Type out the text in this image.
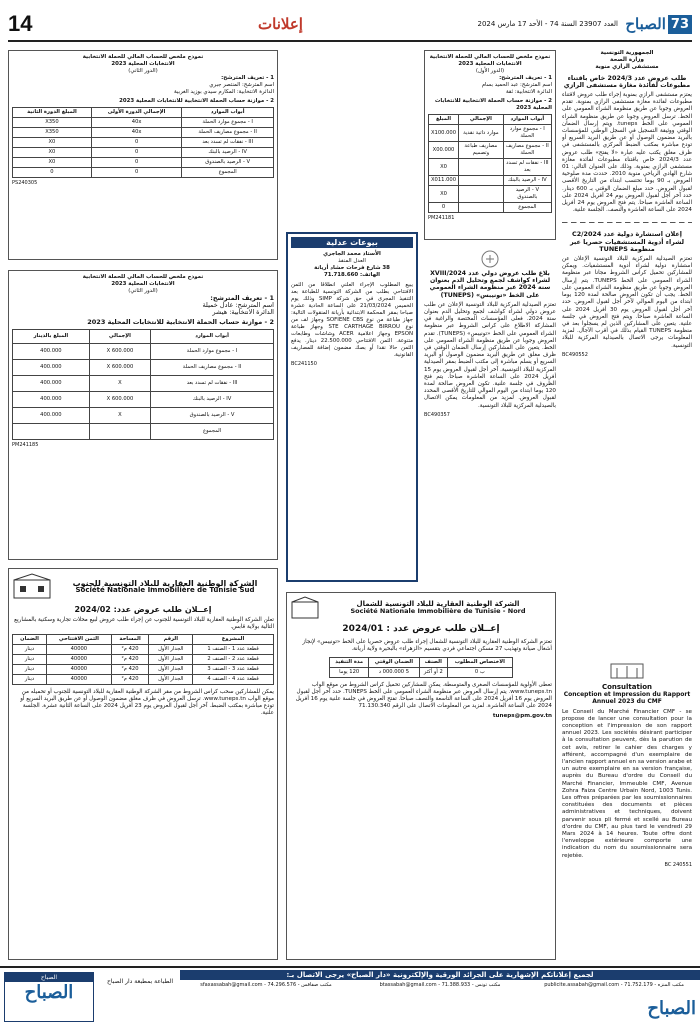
14	إعلانات	العدد 23907 السنة 74 - الأحد 17 مارس 2024 الصباح 73
الجمهورية التونسية
وزارة الصحة
مستشفى الرازي منوبة
طلب عروض عدد 2024/3 خاص باقتناء مطبوعات لفائدة مغازة مستشفى الرازي
يعتزم مستشفى الرازي بمنوبة إجراء طلب عروض لاقتناء مطبوعات لفائدة مغازة مستشفى الرازي بمنوبة. تقدم العروض وجوبا عن طريق منظومة الشراء العمومي على الخط. ترسل العروض وجوبا عن طريق منظومة الشراء العمومي على الخط tuneps. ويتم إرسال الضمان الوقتي ووثيقة التسجيل في السجل الوطني للمؤسسات بالبريد مضمون الوصول أو عن طريق البريد السريع أو تودع مباشرة بمكتب الضبط المركزي بالمستشفى في ظرف مغلق يكتب عليه عبارة «لا يفتح» طلب عروض عدد 2024/3 خاص باقتناء مطبوعات لفائدة مغازة مستشفى الرازي بمنوبة. وذلك على العنوان التالي: 01 شارع الهادي الرياحي منوبة 2010. حددت مدة صلوحية العروض بـ 90 يوما تحتسب ابتداء من التاريخ الأقصى لقبول العروض. حدد مبلغ الضمان الوقتي بـ 600 دينار. حدد آخر أجل لقبول العروض يوم 24 أفريل 2024 على الساعة العاشرة صباحا. يتم فتح العروض يوم 24 أفريل 2024 على الساعة العاشرة والنصف. الجلسة علنية.
إعلان استشارة دولية عدد 2024/C2 لشراء أدوية المستشفيات حصريا عبر منظومة TUNEPS
تعتزم الصيدلية المركزية للبلاد التونسية الإعلان عن استشارة دولية لشراء أدوية المستشفيات. ويمكن للمشاركين تحميل كراس الشروط مجانا عبر منظومة الشراء العمومي على الخط TUNEPS. يتم إرسال العروض وجوبا عن طريق منظومة الشراء العمومي على الخط. يجب أن تكون العروض صالحة لمدة 120 يوما ابتداء من اليوم الموالي لآخر أجل لقبول العروض. حدد آخر أجل لقبول العروض يوم 30 أفريل 2024 على الساعة العاشرة صباحا. ويتم فتح العروض في جلسة علنية. يتعين على المشاركين الذين لم يسجلوا بعد في منظومة TUNEPS القيام بذلك في أقرب الآجال. لمزيد المعلومات يرجى الاتصال بالصيدلية المركزية للبلاد التونسية.
BC490552
Consultation
Conception et Impression du Rapport Annuel 2023 du CMF
Le Conseil du Marché Financier CMF - se propose de lancer une consultation pour la conception et l'impression de son rapport annuel 2023. Les sociétés désirant participer à la consultation peuvent, dès la parution de cet avis, retirer le cahier des charges y afférent, accompagné d'un exemplaire de l'ancien rapport annuel en sa version arabe et un autre exemplaire en sa version française, auprès du Bureau d'ordre du Conseil du Marché Financier, Immeuble CMF, Avenue Zohra Faiza Centre Urbain Nord, 1003 Tunis. Les offres préparées par les soumissionnaires constituées des documents et pièces administratives et techniques, doivent parvenir sous pli fermé et scellé au Bureau d'ordre du CMF, au plus tard le vendredi 29 Mars 2024 à 14 heures. Toute offre dont l'enveloppe extérieure comporte une indication du nom du soumissionnaire sera rejetée.
BC 240551
بلاغ طلب عروض دولي عدد 2024/XVIII لشراء كواشف لجمع وتحليل الدم بعنوان سنة 2024 عبر منظومة الشراء العمومي على الخط «تونيبس» (TUNEPS)
تعتزم الصيدلية المركزية للبلاد التونسية الإعلان عن طلب عروض دولي لشراء كواشف لجمع وتحليل الدم بعنوان سنة 2024. فعلى المؤسسات المختصة والراغبة في المشاركة الاطلاع على كراس الشروط عبر منظومة الشراء العمومي على الخط «تونيبس» (TUNEPS). تقدم العروض وجوبا عن طريق منظومة الشراء العمومي على الخط. يتعين على المشاركين إرسال الضمان الوقتي في ظرف مغلق عن طريق البريد مضمون الوصول أو البريد السريع أو يسلم مباشرة إلى مكتب الضبط بمقر الصيدلية المركزية للبلاد التونسية. آخر أجل لقبول العروض يوم 15 أفريل 2024 على الساعة العاشرة صباحا. يتم فتح الظروف في جلسة علنية. تكون العروض صالحة لمدة 120 يوما ابتداء من اليوم الموالي للتاريخ الأقصى المحدد لقبول العروض. لمزيد من المعلومات يمكن الاتصال بالصيدلية المركزية للبلاد التونسية.
BC490357
نموذج ملخص للحساب المالي للحملة الانتخابية
الانتخابات المحلية 2023
(الدور الأول)
1 - تعريف المترشح:
اسم المترشح: عبد الحميد بسام
الدائرة الانتخابية: ثقة
2 - موازنة حساب الحملة الانتخابية للانتخابات المحلية 2023
أبواب الموارد	الإجمالي	المبلغ
I - مجموع موارد الحملة	موارد ذاتية نقدية	X100.000
II - مجموع مصاريف الحملة	مصاريف طباعة وتصميم	X00.000
III - نفقات لم تسدد بعد		X0
IV - الرصيد بالبنك		X011.000
V - الرصيد بالصندوق		X0
المجموع		0
PM241181
بيوعات عدلية
الأستاذ محمد الجاجري
العدل المنفذ
38 شارع فرحات حشاد أريانة
الهاتف: 71.718.660
يبيع المطلوب الإجراء العلني انطلاقا من الثمن الافتتاحي بطلب من الشركة التونسية للطباعة بعد التنفيذ المجرى في حق شركة SIMP وذلك يوم الخميس 21/03/2024 على الساعة الحادية عشرة صباحا بمقر المحكمة الابتدائية بأريانة المنقولات التالية: جهاز طباعة من نوع SOFIENE CBS وجهاز لف من نوع STE CARTHAGE BIRROU وجهاز طباعة EPSON وجهاز اعلامية ACER وشاشات وطابعات متنوعة. الثمن الافتتاحي 22.500.000 دينار. يدفع الثمن حالا نقدا أو بصك مضمون إضافة للمصاريف القانونية.
BC241150
نموذج ملخص للحساب المالي للحملة الانتخابية
الانتخابات المحلية 2023
(الدور الثاني)
1 - تعريف المترشح:
اسم المترشح: المنتصر جبري
الدائرة الانتخابية: المكارم سيدي بوزيد الغربية
2 - موازنة حساب الحملة الانتخابية للانتخابات المحلية 2023
أبواب الموارد	الإجمالي الدورة الأولى	المبلغ الدورة الثانية
I - مجموع موارد الحملة	40x	X350
II - مجموع مصاريف الحملة	40x	X350
III - نفقات لم تسدد بعد	0	X0
IV - الرصيد بالبنك	0	X0
V - الرصيد بالصندوق	0	X0
المجموع	0	0
PS240305
نموذج ملخص للحساب المالي للحملة الانتخابية
الانتخابات المحلية 2023
(الدور الثاني)
1 - تعريف المترشح:
اسم المترشح: عادل خميلة
الدائرة الانتخابية: هيشر
2 - موازنة حساب الحملة الانتخابية للانتخابات المحلية 2023
أبواب الموارد	الإجمالي	المبلغ بالدينار
I - مجموع موارد الحملة	600.000 X	400.000
II - مجموع مصاريف الحملة	600.000 X	400.000
III - نفقات لم تسدد بعد	X	400.000
IV - الرصيد بالبنك	600.000 X	400.000
V - الرصيد بالصندوق	X	400.000
المجموع		
PM241185
الشركة الوطنية العقارية للبلاد التونسية للجنوب
Société Nationale Immobilière de Tunisie Sud
إعــلان طلب عروض عدد: 2024/02
تعلن الشركة الوطنية العقارية للبلاد التونسية للجنوب عن إجراء طلب عروض لبيع محلات تجارية وسكنية بالمشاريع التالية بولاية قابس.
المشروع	الرقم	المساحة	الثمن الافتتاحي	الضمان
قطعة عدد 1 - الصنف 1	الجدار الأول	420 م²	40000	دينار
قطعة عدد 2 - الصنف 2	الجدار الأول	420 م²	40000	دينار
قطعة عدد 3 - الصنف 3	الجدار الأول	420 م²	40000	دينار
قطعة عدد 4 - الصنف 4	الجدار الأول	420 م²	40000	دينار
يمكن للمشاركين سحب كراس الشروط من مقر الشركة الوطنية العقارية للبلاد التونسية للجنوب أو تحميله من موقع الواب www.tuneps.tn. ترسل العروض في ظرف مغلق مضمون الوصول أو عن طريق البريد السريع أو تودع مباشرة بمكتب الضبط. آخر أجل لقبول العروض يوم 23 أفريل 2024 على الساعة الثانية عشرة. الجلسة علنية.
الشركة الوطنية العقارية للبلاد التونسية للشمال
Société Nationale Immobilière de Tunisie - Nord
إعــلان طلب عروض عدد : 2024/01
تعتزم الشركة الوطنية العقارية للبلاد التونسية للشمال إجراء طلب عروض حصريا على الخط «تونيبس» لإنجاز أشغال صيانة وتهذيب 27 مسكن اجتماعي فردي بتقسيم «الزهراء» بالبحيرة ولاية أريانة.
الاختصاص المطلوب	الصنف	الضمان الوقتي	مدة التنفيذ
ب 0	2 أو أكثر	5 000.000 د	120 يوما
تعطى الأولوية للمؤسسات الصغرى والمتوسطة. يمكن للمشاركين تحميل كراس الشروط من موقع الواب www.tuneps.tn. يتم إرسال العروض عبر منظومة الشراء العمومي على الخط TUNEPS. حدد آخر أجل لقبول العروض يوم 16 أفريل 2024 على الساعة التاسعة والنصف صباحا. تفتح العروض في جلسة علنية يوم 16 أفريل 2024 على الساعة العاشرة. لمزيد من المعلومات الاتصال على الرقم 71.130.340
tuneps@pm.gov.tn
الصباح
الصباح
الطباعة بمطبعة دار الصباح
لجميع إعلاناتكم الإشهارية على الجرائد الورقية والإلكترونية «دار الصباح» يرجى الاتصال بـ:
مكتب المنزه - 71.752.179 - publicite.assabah@gmail.com
مكتب تونس - 71.388.933 - btassabah@gmail.com
مكتب صفاقس - 74.296.576 - sfaxassabah@gmail.com
الصباح
